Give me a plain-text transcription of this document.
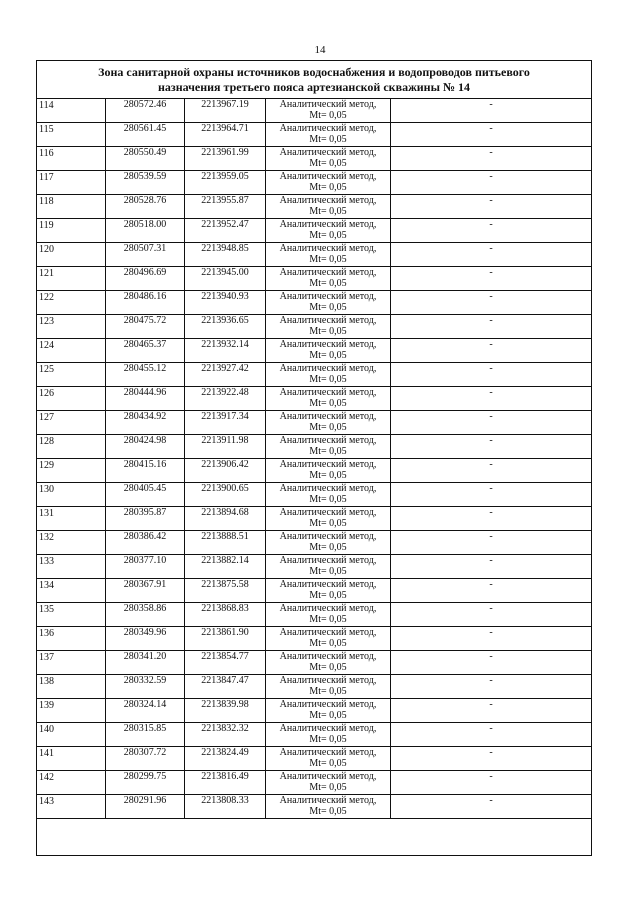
14
Зона санитарной охраны источников водоснабжения и водопроводов питьевого
назначения третьего пояса артезианской скважины № 14
114	280572.46	2213967.19	Аналитический метод,
Mt= 0,05	-
115	280561.45	2213964.71	Аналитический метод,
Mt= 0,05	-
116	280550.49	2213961.99	Аналитический метод,
Mt= 0,05	-
117	280539.59	2213959.05	Аналитический метод,
Mt= 0,05	-
118	280528.76	2213955.87	Аналитический метод,
Mt= 0,05	-
119	280518.00	2213952.47	Аналитический метод,
Mt= 0,05	-
120	280507.31	2213948.85	Аналитический метод,
Mt= 0,05	-
121	280496.69	2213945.00	Аналитический метод,
Mt= 0,05	-
122	280486.16	2213940.93	Аналитический метод,
Mt= 0,05	-
123	280475.72	2213936.65	Аналитический метод,
Mt= 0,05	-
124	280465.37	2213932.14	Аналитический метод,
Mt= 0,05	-
125	280455.12	2213927.42	Аналитический метод,
Mt= 0,05	-
126	280444.96	2213922.48	Аналитический метод,
Mt= 0,05	-
127	280434.92	2213917.34	Аналитический метод,
Mt= 0,05	-
128	280424.98	2213911.98	Аналитический метод,
Mt= 0,05	-
129	280415.16	2213906.42	Аналитический метод,
Mt= 0,05	-
130	280405.45	2213900.65	Аналитический метод,
Mt= 0,05	-
131	280395.87	2213894.68	Аналитический метод,
Mt= 0,05	-
132	280386.42	2213888.51	Аналитический метод,
Mt= 0,05	-
133	280377.10	2213882.14	Аналитический метод,
Mt= 0,05	-
134	280367.91	2213875.58	Аналитический метод,
Mt= 0,05	-
135	280358.86	2213868.83	Аналитический метод,
Mt= 0,05	-
136	280349.96	2213861.90	Аналитический метод,
Mt= 0,05	-
137	280341.20	2213854.77	Аналитический метод,
Mt= 0,05	-
138	280332.59	2213847.47	Аналитический метод,
Mt= 0,05	-
139	280324.14	2213839.98	Аналитический метод,
Mt= 0,05	-
140	280315.85	2213832.32	Аналитический метод,
Mt= 0,05	-
141	280307.72	2213824.49	Аналитический метод,
Mt= 0,05	-
142	280299.75	2213816.49	Аналитический метод,
Mt= 0,05	-
143	280291.96	2213808.33	Аналитический метод,
Mt= 0,05	-
